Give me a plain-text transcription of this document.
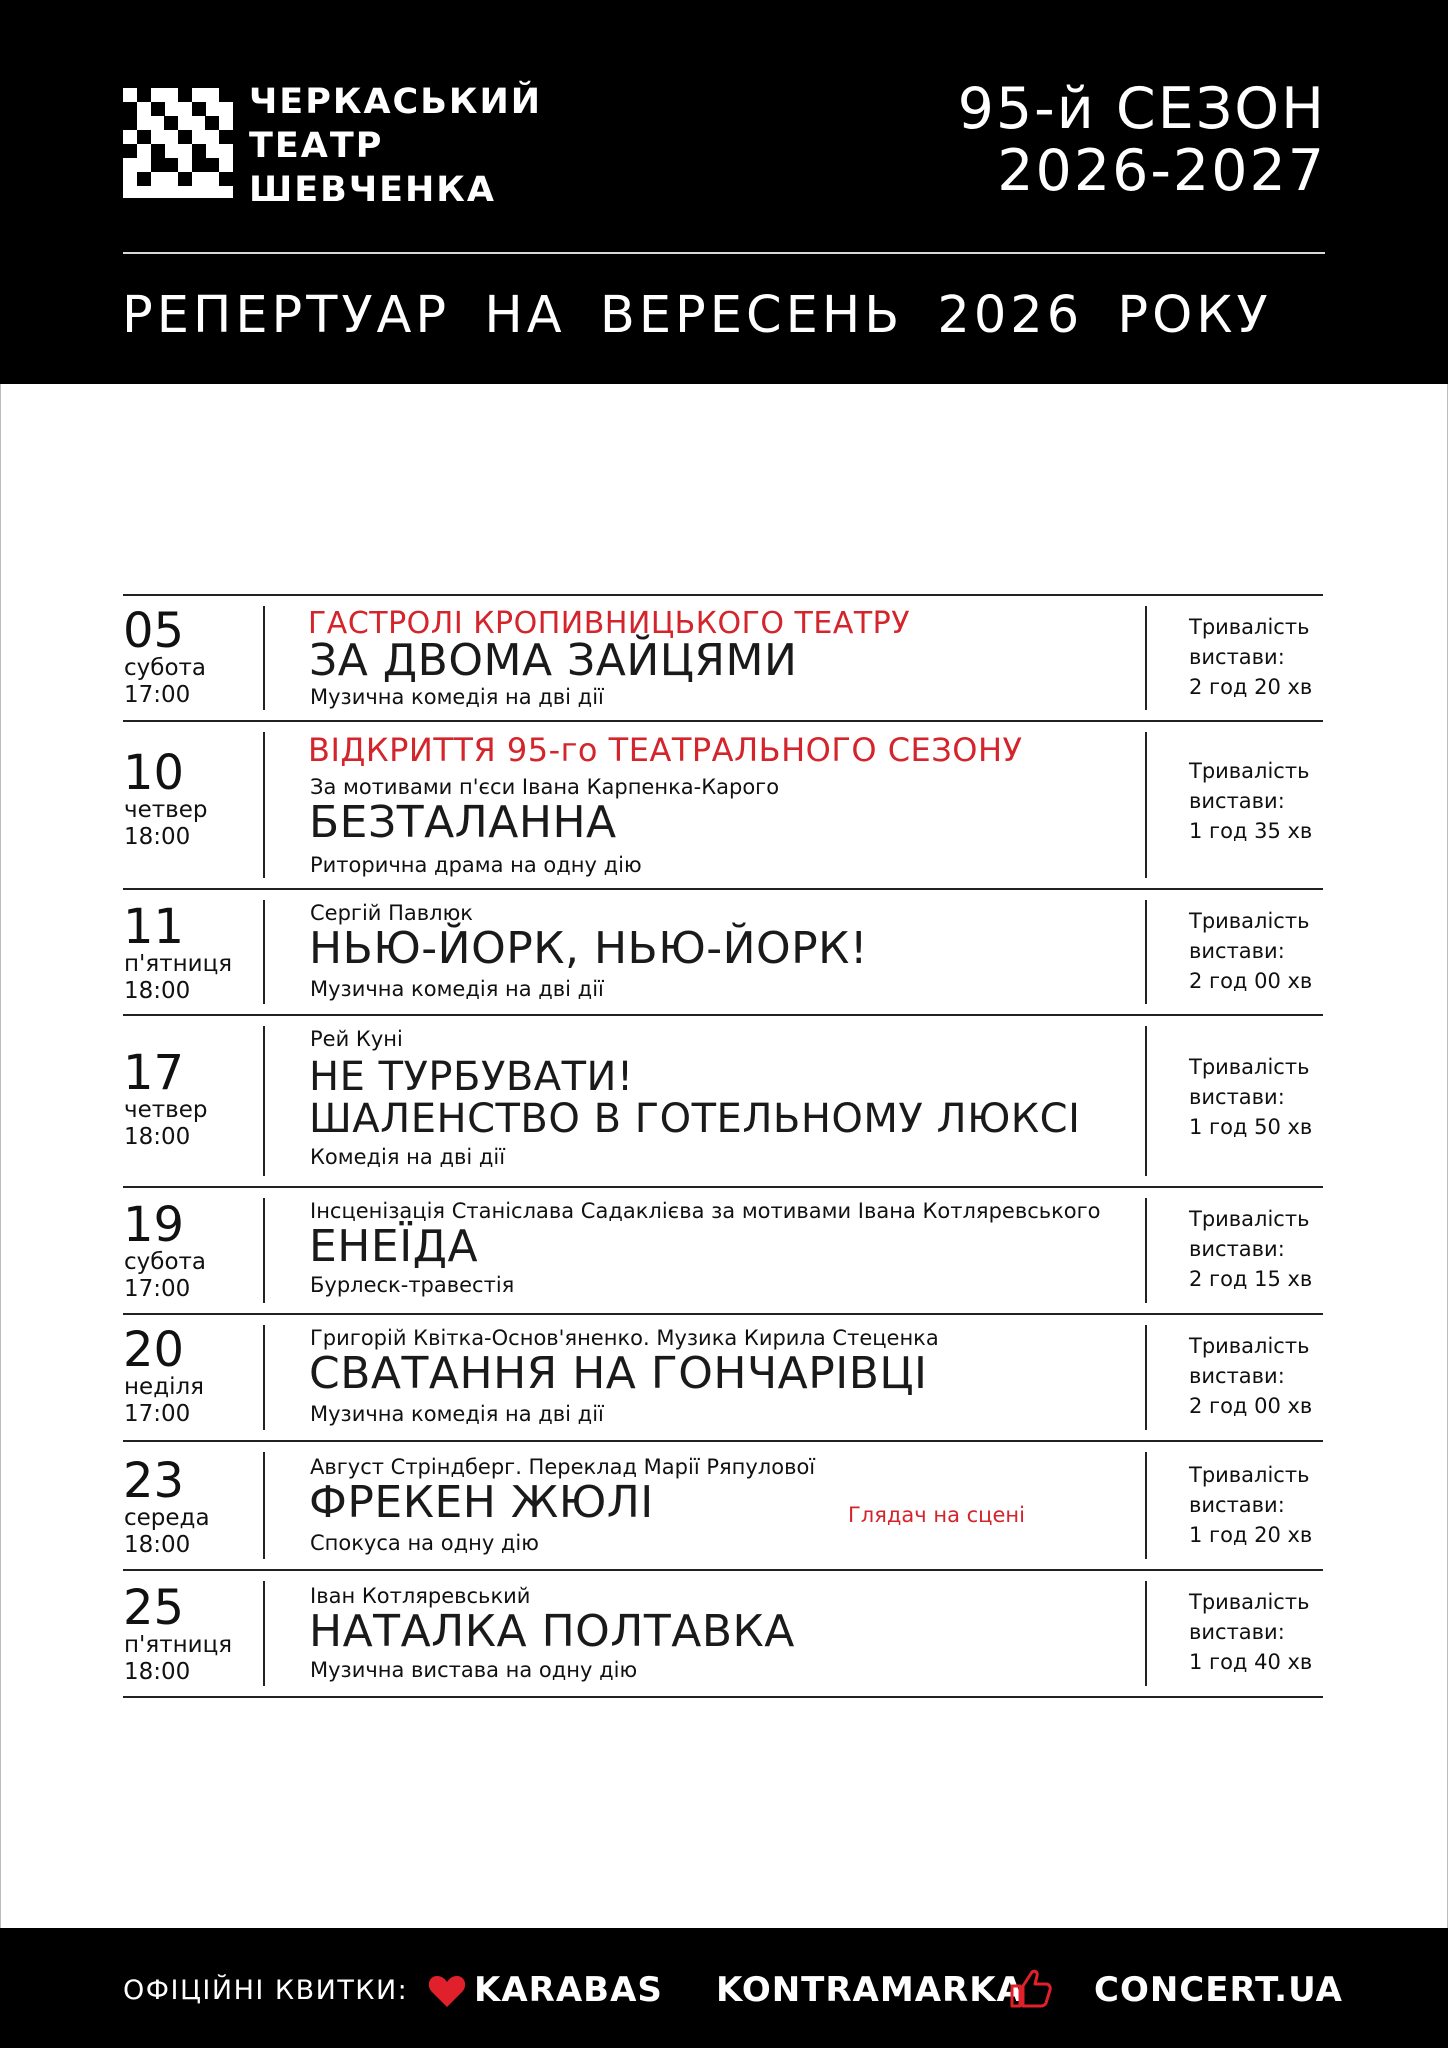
ЧЕРКАСЬКИЙ
ТЕАТР
ШЕВЧЕНКА
95-й СЕЗОН
2026-2027
РЕПЕРТУАР НА ВЕРЕСЕНЬ 2026 РОКУ
05
субота
17:00
ГАСТРОЛІ КРОПИВНИЦЬКОГО ТЕАТРУ
ЗА ДВОМА ЗАЙЦЯМИ
Музична комедія на дві дії
Тривалість
вистави:
2 год 20 хв
10
четвер
18:00
ВІДКРИТТЯ 95-го ТЕАТРАЛЬНОГО СЕЗОНУ
За мотивами п'єси Івана Карпенка-Карого
БЕЗТАЛАННА
Риторична драма на одну дію
Тривалість
вистави:
1 год 35 хв
11
п'ятниця
18:00
Сергій Павлюк
НЬЮ-ЙОРК, НЬЮ-ЙОРК!
Музична комедія на дві дії
Тривалість
вистави:
2 год 00 хв
17
четвер
18:00
Рей Куні
НЕ ТУРБУВАТИ!
ШАЛЕНСТВО В ГОТЕЛЬНОМУ ЛЮКСІ
Комедія на дві дії
Тривалість
вистави:
1 год 50 хв
19
субота
17:00
Інсценізація Станіслава Садаклієва за мотивами Івана Котляревського
ЕНЕЇДА
Бурлеск-травестія
Тривалість
вистави:
2 год 15 хв
20
неділя
17:00
Григорій Квітка-Основ'яненко. Музика Кирила Стеценка
СВАТАННЯ НА ГОНЧАРІВЦІ
Музична комедія на дві дії
Тривалість
вистави:
2 год 00 хв
23
середа
18:00
Август Стріндберг. Переклад Марії Ряпулової
ФРЕКЕН ЖЮЛІ	Глядач на сцені
Спокуса на одну дію
Тривалість
вистави:
1 год 20 хв
25
п'ятниця
18:00
Іван Котляревський
НАТАЛКА ПОЛТАВКА
Музична вистава на одну дію
Тривалість
вистави:
1 год 40 хв
ОФІЦІЙНІ КВИТКИ: KARABAS KONTRAMARKA CONCERT.UA
